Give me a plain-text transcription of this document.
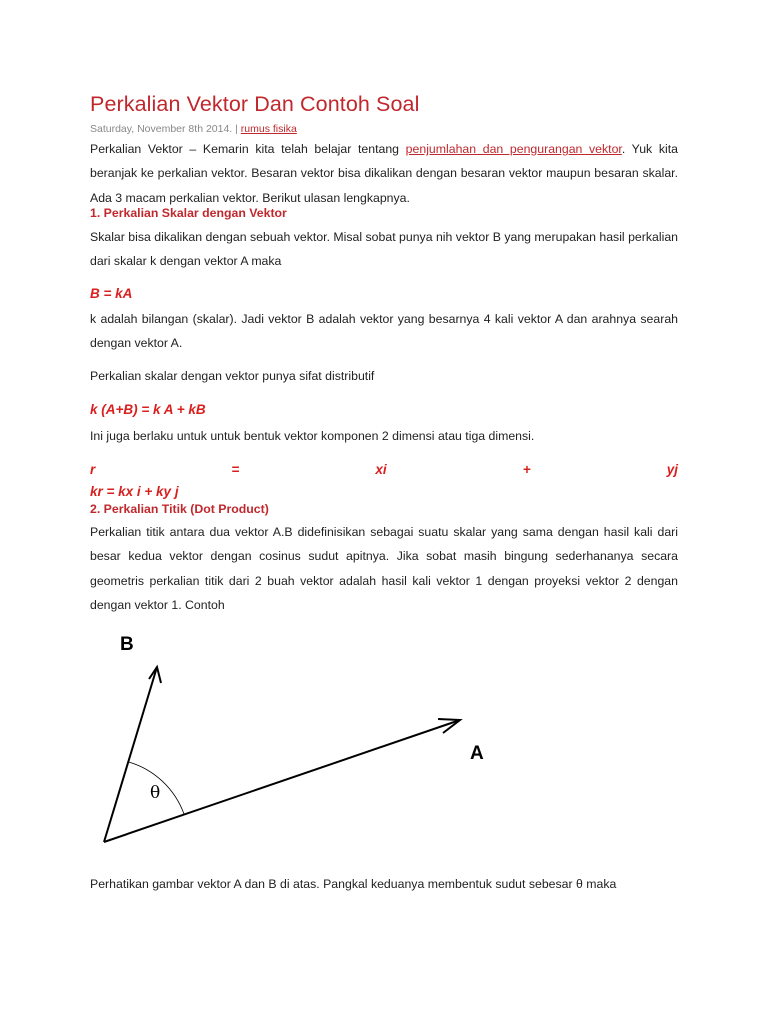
Perkalian Vektor Dan Contoh Soal
Saturday, November 8th 2014. | rumus fisika

Perkalian Vektor – Kemarin kita telah belajar tentang penjumlahan dan pengurangan vektor. Yuk kita beranjak ke perkalian vektor. Besaran vektor bisa dikalikan dengan besaran vektor maupun besaran skalar. Ada 3 macam perkalian vektor. Berikut ulasan lengkapnya.

1. Perkalian Skalar dengan Vektor

Skalar bisa dikalikan dengan sebuah vektor. Misal sobat punya nih vektor B yang merupakan hasil perkalian dari skalar k dengan vektor A maka

B = kA

k adalah bilangan (skalar). Jadi vektor B adalah vektor yang besarnya 4 kali vektor A dan arahnya searah dengan vektor A.

Perkalian skalar dengan vektor punya sifat distributif

k (A+B) = k A + kB

Ini juga berlaku untuk untuk bentuk vektor komponen 2 dimensi atau tiga dimensi.

r	=	xi	+	yj
kr = kx i + ky j
2. Perkalian Titik (Dot Product)

Perkalian titik antara dua vektor A.B didefinisikan sebagai suatu skalar yang sama dengan hasil kali dari besar kedua vektor dengan cosinus sudut apitnya. Jika sobat masih bingung sederhananya secara geometris perkalian titik dari 2 buah vektor adalah hasil kali vektor 1 dengan proyeksi vektor 2 dengan dengan vektor 1. Contoh

B
A
θ

Perhatikan gambar vektor A dan B di atas. Pangkal keduanya membentuk sudut sebesar θ maka
